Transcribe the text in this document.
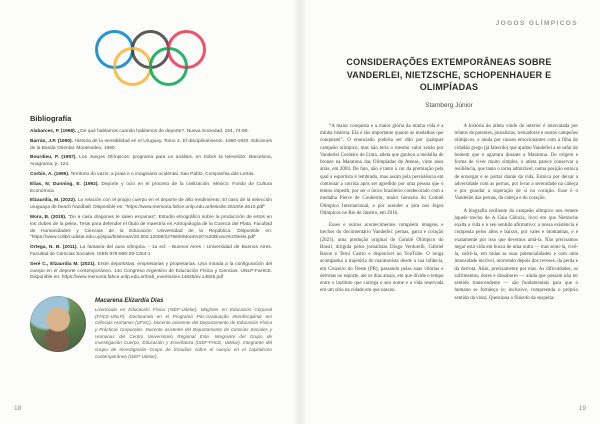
Bibliografía

Alabarces, P. (1998). ¿De qué hablamos cuando hablamos de deporte?. Nueva Sociedad, 154, 74-86.

Barrán, J.P. (1990). Historia de la sensibilidad en el Uruguay. Tomo 2. El disciplinamiento. 1860-1920. Ediciones de la Banda Oriental. Montevideo, 1990.

Bourdieu, P. (1997). Los Juegos Olímpicos: programa para un análisis, en Sobre la televisión. Barcelona, Anagrama, p. 124.

Corbin, A. (1995). Territorio do vazio: a praia e o imaginário ocidental. Sao Pablo, Companhia das Letras.

Elias, N; Dunning, E. (1992). Deporte y ocio en el proceso de la civilización. México: Fondo de Cultura Económica.

Elzaurdia, M. (2022). La relación con el propio cuerpo en el deporte de alto rendimiento: El caso de la selección uruguaya de beach handball. Disponible en: "https://www.memoria.fahce.unlp.edu.ar/tesis/te.2610/te.2610.pdf"

Mora, B. (2018). "De a casa dragones te salen escamas". Estudio etnográfico sobre la producción de estos en los clubes de la pelea. Tesis para defender el título de maestría en Antropología de la Cuenca del Plata. Facultad de Humanidades y Ciencias de la Educación Universidad de la República. Disponible en: "https://www.colibri.udelar.edu.uy/jspui/bitstream/20.500.12008/22796/5/Mora%2C%20Bruno%20tesis.pdf"

Ortega, N. B. (2011). La fantasía del aura olímpica. - 1a ed. - Buenos Aires : Universidad de Buenos Aires. Facultad de Ciencias Sociales. ISBN 978-950-29-1304-1

Seré C., Elzaurdia M. (2021). Entre deportistas, empresarias y propietarias. Una mirada a la configuración del cuerpo en el deporte contemporáneo. 14o Congreso Argentino de Educación Física y Ciencias. UNLP-FaHCE. Disponible en: https://www.memoria.fahce.unlp.edu.ar/trab_eventos/ev.14825/ev.14825.pdf

Macarena Elizardía Días
Licenciada en Educación Física (ISEF-Udelar). Magíster en Educación Corporal (FHCE-UNLP). Doctoranda en el Programa Pós-Graduação Interdisciplinar em Ciências Humanas (UFSC). Docente asistente del Departamento de Educación Física y Prácticas Corporales. Docente asistente del Departamento de Ciencias Sociales y Humanas del Centro Universitario Regional Este. Integrante del Grupo de Investigación Cuerpo, Educación y Enseñanza (ISEF-FHCE, Udelar). Integrante del Grupo de Investigación Grupo de Estudios sobre el cuerpo en el capitalismo contemporáneo (ISEF-Udelar).
18
JOGOS OLÍMPICOS
CONSIDERAÇÕES EXTEMPORÂNEAS SOBRE VANDERLEI, NIETZSCHE, SCHOPENHAUER E OLIMPÍADAS
Stamberg Júnior

“A maior conquista e a maior glória da minha vida é a minha história. Ela é tão importante quanto as medalhas que conquistei”. O enunciado poderia ser dito por qualquer campeão olímpico, mas não teria o mesmo valor senão por Vanderlei Cordeiro de Lima, atleta que ganhou a medalha de bronze na Maratona das Olimpíadas de Atenas, vinte anos atrás, em 2004. De fato, não é tanto a cor da premiação pela qual a esportista é lembrado, mas assim pela persistência em continuar a corrida após ser agredido por uma pessoa que o tentou impedir, por ser o único brasileiro condecorado com a medalha Pierre de Coubertin, maior honraria do Comitê Olímpico Internacional, e por acender a pira nos Jogos Olímpicos no Rio de Janeiro, em 2016.

Esses e outros acontecimentos compõem imagens e trechos do documentário Vanderlei: pernas, garra e coração (2023), uma produção original do Comitê Olímpico do Brasil, dirigida pelos jornalistas Diogo Venturelli, Gabriel Baron e Terni Castro e disponível no YouTube. O longa acompanha a trajetória do maratonista desde a sua infância, em Cruzeiro do Oeste (PR), passando pelas suas vitórias e derrotas no esporte, até os dias atuais, em que divide o tempo entre o instituto que carrega o seu nome e a vida reservada em um sítio na cidade em que nasceu.

A história do atleta vindo do interior é intercalada por relatos de parentes, jornalistas, treinadores e outros campeões olímpicos, e ainda por causos emocionantes com a filha do cidadão grego (já falecido) que ajudou Vanderlei a se safar do homem que o agarrara durante a Maratona. De origem e forma de viver muito simples, o atleta parece conservar a resiliência, que tanto o torna admirável, numa posição estoica de enxergar e se portar diante da vida. Estoica por deixar a adversidade com as pernas, por levar a serenidade na cabeça e por guardar a superação de si no coração. Esse é o Vanderlei das pernas, da cabeça e do coração.

A biografia resiliente do campeão olímpico nos remete àquele trecho de A Gaia Ciência, livro em que Nietzsche exalta a vida e o seu sentido afirmativo: a nossa existência é composta pelos altos e baixos, por vales e montanhas, e é exatamente por isso que devemos amá-la. Não precisamos negar esta vida em busca de uma outra — mas senti-la, vivê-la, sofrê-la, em todas as suas potencialidades e com uma intensidade incrível, morrendo depois dos reveses, da perda e da derrota. Aliás, precisamente por elas. As dificuldades, os sofrimentos, dores e dissabores — ainda que possam não ter sentido transcendente — são fundamentais para que o humano se fortaleça (e, inclusive, compreenda o próprio sentido da vida). Questiona o filósofo da suspeita:

19
